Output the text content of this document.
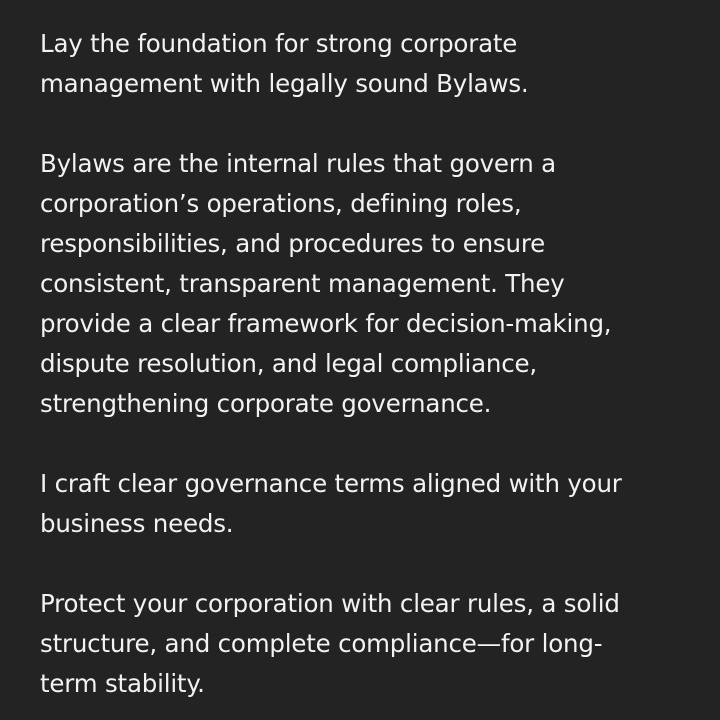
Lay the foundation for strong corporate
management with legally sound Bylaws.

Bylaws are the internal rules that govern a
corporation’s operations, defining roles,
responsibilities, and procedures to ensure
consistent, transparent management. They
provide a clear framework for decision-making,
dispute resolution, and legal compliance,
strengthening corporate governance.

I craft clear governance terms aligned with your
business needs.

Protect your corporation with clear rules, a solid
structure, and complete compliance—for long-
term stability.
